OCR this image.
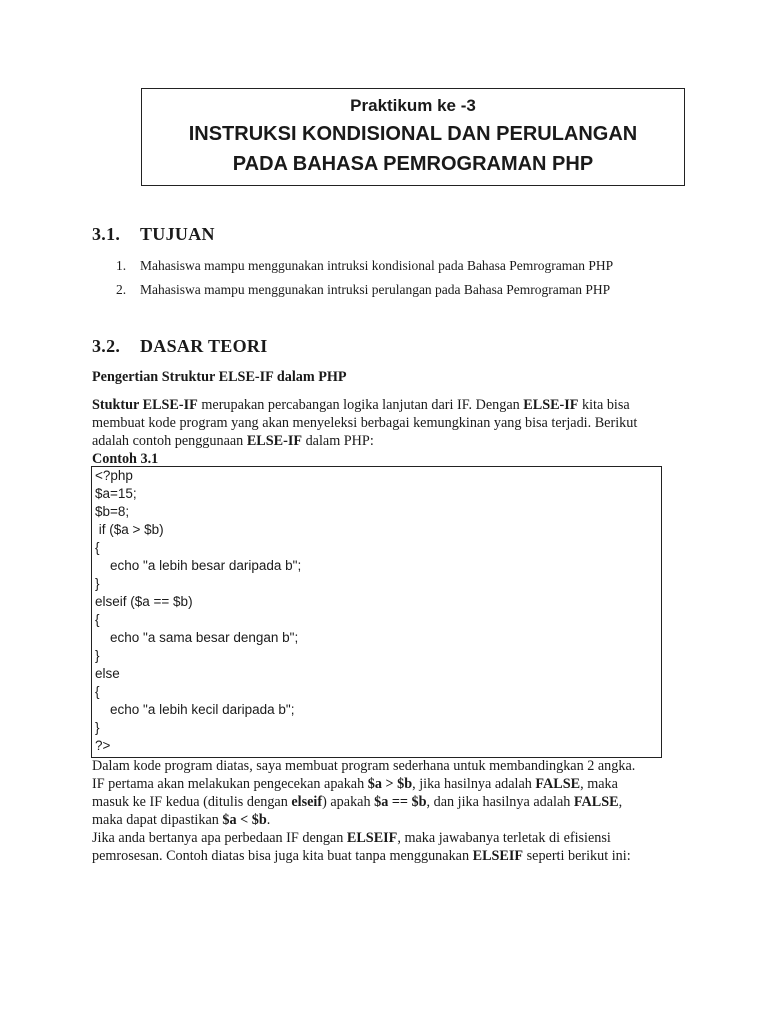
Praktikum ke -3
INSTRUKSI KONDISIONAL DAN PERULANGAN
PADA BAHASA PEMROGRAMAN PHP
3.1. TUJUAN
1. Mahasiswa mampu menggunakan intruksi kondisional pada Bahasa Pemrograman PHP
2. Mahasiswa mampu menggunakan intruksi perulangan pada Bahasa Pemrograman PHP
3.2. DASAR TEORI
Pengertian Struktur ELSE-IF dalam PHP
Stuktur ELSE-IF merupakan percabangan logika lanjutan dari IF. Dengan ELSE-IF kita bisa
membuat kode program yang akan menyeleksi berbagai kemungkinan yang bisa terjadi. Berikut
adalah contoh penggunaan ELSE-IF dalam PHP:
Contoh 3.1
<?php
$a=15;
$b=8;
if ($a > $b)
{
echo "a lebih besar daripada b";
}
elseif ($a == $b)
{
echo "a sama besar dengan b";
}
else
{
echo "a lebih kecil daripada b";
}
?>
Dalam kode program diatas, saya membuat program sederhana untuk membandingkan 2 angka.
IF pertama akan melakukan pengecekan apakah $a > $b, jika hasilnya adalah FALSE, maka
masuk ke IF kedua (ditulis dengan elseif) apakah $a == $b, dan jika hasilnya adalah FALSE,
maka dapat dipastikan $a < $b.
Jika anda bertanya apa perbedaan IF dengan ELSEIF, maka jawabanya terletak di efisiensi
pemrosesan. Contoh diatas bisa juga kita buat tanpa menggunakan ELSEIF seperti berikut ini:
